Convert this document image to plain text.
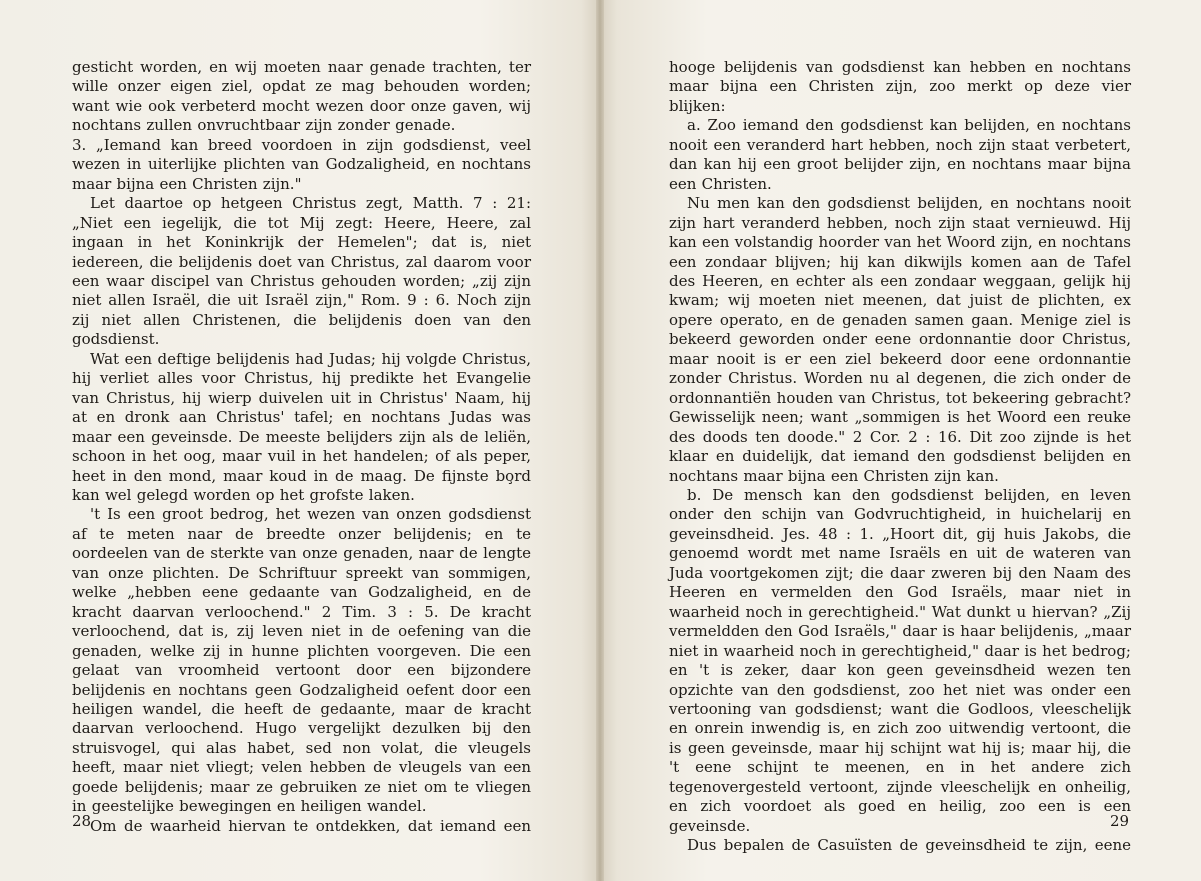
gesticht worden, en wij moeten naar genade trachten, ter wille onzer eigen ziel, opdat ze mag behouden worden; want wie ook verbeterd mocht wezen door onze gaven, wij nochtans zullen onvruchtbaar zijn zonder genade.

3. „Iemand kan breed voordoen in zijn godsdienst, veel wezen in uiterlijke plichten van Godzaligheid, en nochtans maar bijna een Christen zijn."

Let daartoe op hetgeen Christus zegt, Matth. 7 : 21: „Niet een iegelijk, die tot Mij zegt: Heere, Heere, zal ingaan in het Koninkrijk der Hemelen"; dat is, niet iedereen, die belijdenis doet van Christus, zal daarom voor een waar discipel van Christus gehouden worden; „zij zijn niet allen Israël, die uit Israël zijn," Rom. 9 : 6. Noch zijn zij niet allen Christenen, die belijdenis doen van den godsdienst.

Wat een deftige belijdenis had Judas; hij volgde Christus, hij verliet alles voor Christus, hij predikte het Evangelie van Christus, hij wierp duivelen uit in Christus' Naam, hij at en dronk aan Christus' tafel; en nochtans Judas was maar een geveinsde. De meeste belijders zijn als de leliën, schoon in het oog, maar vuil in het handelen; of als peper, heet in den mond, maar koud in de maag. De fijnste bo̧rd kan wel gelegd worden op het grofste laken.

't Is een groot bedrog, het wezen van onzen godsdienst af te meten naar de breedte onzer belijdenis; en te oordeelen van de sterkte van onze genaden, naar de lengte van onze plichten. De Schriftuur spreekt van sommigen, welke „hebben eene gedaante van Godzaligheid, en de kracht daarvan verloochend." 2 Tim. 3 : 5. De kracht verloochend, dat is, zij leven niet in de oefening van die genaden, welke zij in hunne plichten voorgeven. Die een gelaat van vroomheid vertoont door een bijzondere belijdenis en nochtans geen Godzaligheid oefent door een heiligen wandel, die heeft de gedaante, maar de kracht daarvan verloochend. Hugo vergelijkt dezulken bij den struisvogel, qui alas habet, sed non volat, die vleugels heeft, maar niet vliegt; velen hebben de vleugels van een goede belijdenis; maar ze gebruiken ze niet om te vliegen in geestelijke bewegingen en heiligen wandel.

Om de waarheid hiervan te ontdekken, dat iemand een

28

hooge belijdenis van godsdienst kan hebben en nochtans maar bijna een Christen zijn, zoo merkt op deze vier blijken:

a. Zoo iemand den godsdienst kan belijden, en nochtans nooit een veranderd hart hebben, noch zijn staat verbetert, dan kan hij een groot belijder zijn, en nochtans maar bijna een Christen.

Nu men kan den godsdienst belijden, en nochtans nooit zijn hart veranderd hebben, noch zijn staat vernieuwd. Hij kan een volstandig hoorder van het Woord zijn, en nochtans een zondaar blijven; hij kan dikwijls komen aan de Tafel des Heeren, en echter als een zondaar weggaan, gelijk hij kwam; wij moeten niet meenen, dat juist de plichten, ex opere operato, en de genaden samen gaan. Menige ziel is bekeerd geworden onder eene ordonnantie door Christus, maar nooit is er een ziel bekeerd door eene ordonnantie zonder Christus. Worden nu al degenen, die zich onder de ordonnantiën houden van Christus, tot bekeering gebracht? Gewisselijk neen; want „sommigen is het Woord een reuke des doods ten doode." 2 Cor. 2 : 16. Dit zoo zijnde is het klaar en duidelijk, dat iemand den godsdienst belijden en nochtans maar bijna een Christen zijn kan.

b. De mensch kan den godsdienst belijden, en leven onder den schijn van Godvruchtigheid, in huichelarij en geveinsdheid. Jes. 48 : 1. „Hoort dit, gij huis Jakobs, die genoemd wordt met name Israëls en uit de wateren van Juda voortgekomen zijt; die daar zweren bij den Naam des Heeren en vermelden den God Israëls, maar niet in waarheid noch in gerechtigheid." Wat dunkt u hiervan? „Zij vermeldden den God Israëls," daar is haar belijdenis, „maar niet in waarheid noch in gerechtigheid," daar is het bedrog; en 't is zeker, daar kon geen geveinsdheid wezen ten opzichte van den godsdienst, zoo het niet was onder een vertooning van godsdienst; want die Godloos, vleeschelijk en onrein inwendig is, en zich zoo uitwendig vertoont, die is geen geveinsde, maar hij schijnt wat hij is; maar hij, die 't eene schijnt te meenen, en in het andere zich tegenovergesteld vertoont, zijnde vleeschelijk en onheilig, en zich voordoet als goed en heilig, zoo een is een geveinsde.

Dus bepalen de Casuïsten de geveinsdheid te zijn, eene

29
